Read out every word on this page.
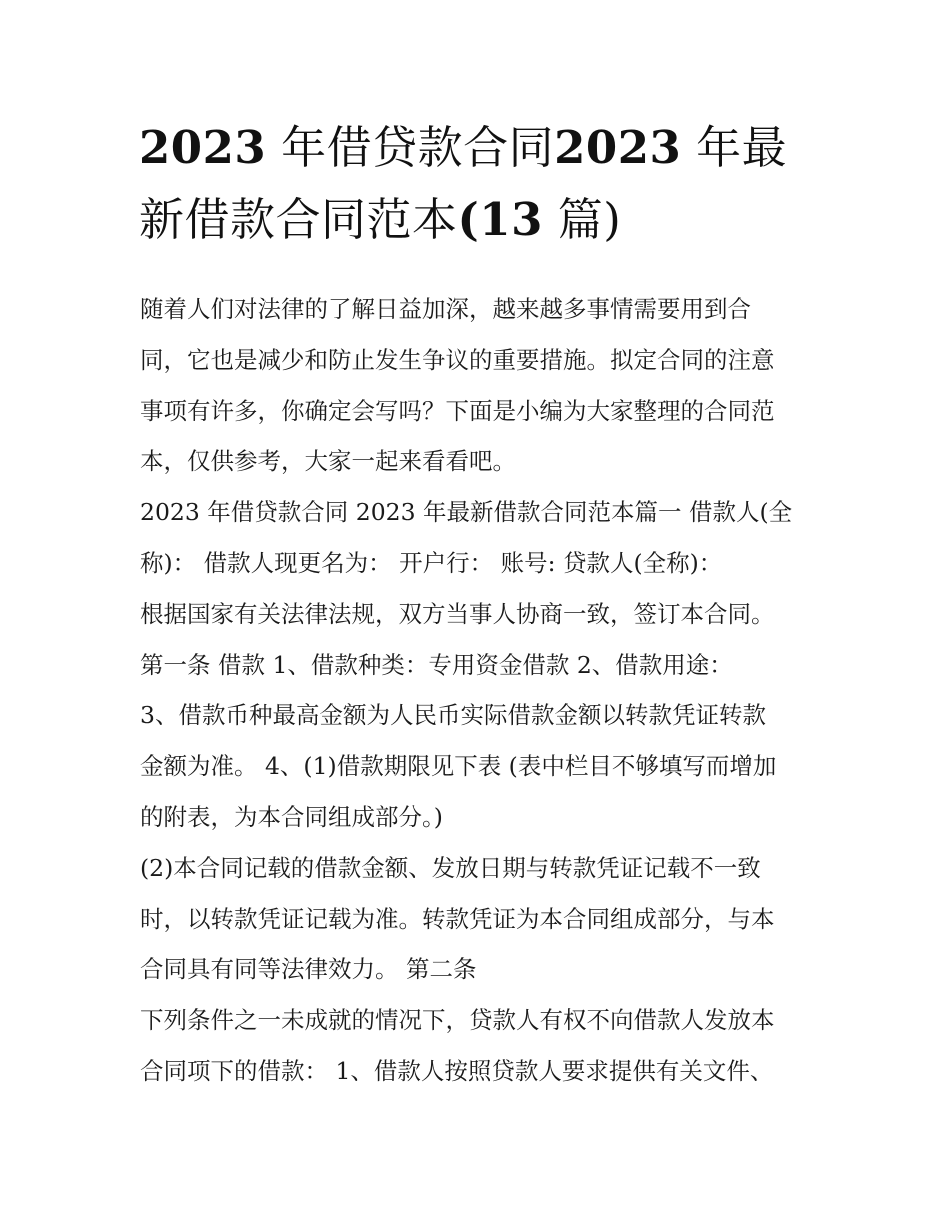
2023 年借贷款合同2023 年最
新借款合同范本(13 篇)
随着人们对法律的了解日益加深，越来越多事情需要用到合
同，它也是减少和防止发生争议的重要措施。拟定合同的注意
事项有许多，你确定会写吗？下面是小编为大家整理的合同范
本，仅供参考，大家一起来看看吧。
2023 年借贷款合同 2023 年最新借款合同范本篇一 借款人(全
称)： 借款人现更名为： 开户行： 账号: 贷款人(全称)：
根据国家有关法律法规，双方当事人协商一致，签订本合同。
第一条 借款 1、借款种类：专用资金借款 2、借款用途：
3、借款币种最高金额为人民币实际借款金额以转款凭证转款
金额为准。 4、(1)借款期限见下表 (表中栏目不够填写而增加
的附表，为本合同组成部分。)
(2)本合同记载的借款金额、发放日期与转款凭证记载不一致
时，以转款凭证记载为准。转款凭证为本合同组成部分，与本
合同具有同等法律效力。 第二条
下列条件之一未成就的情况下，贷款人有权不向借款人发放本
合同项下的借款： 1、借款人按照贷款人要求提供有关文件、
